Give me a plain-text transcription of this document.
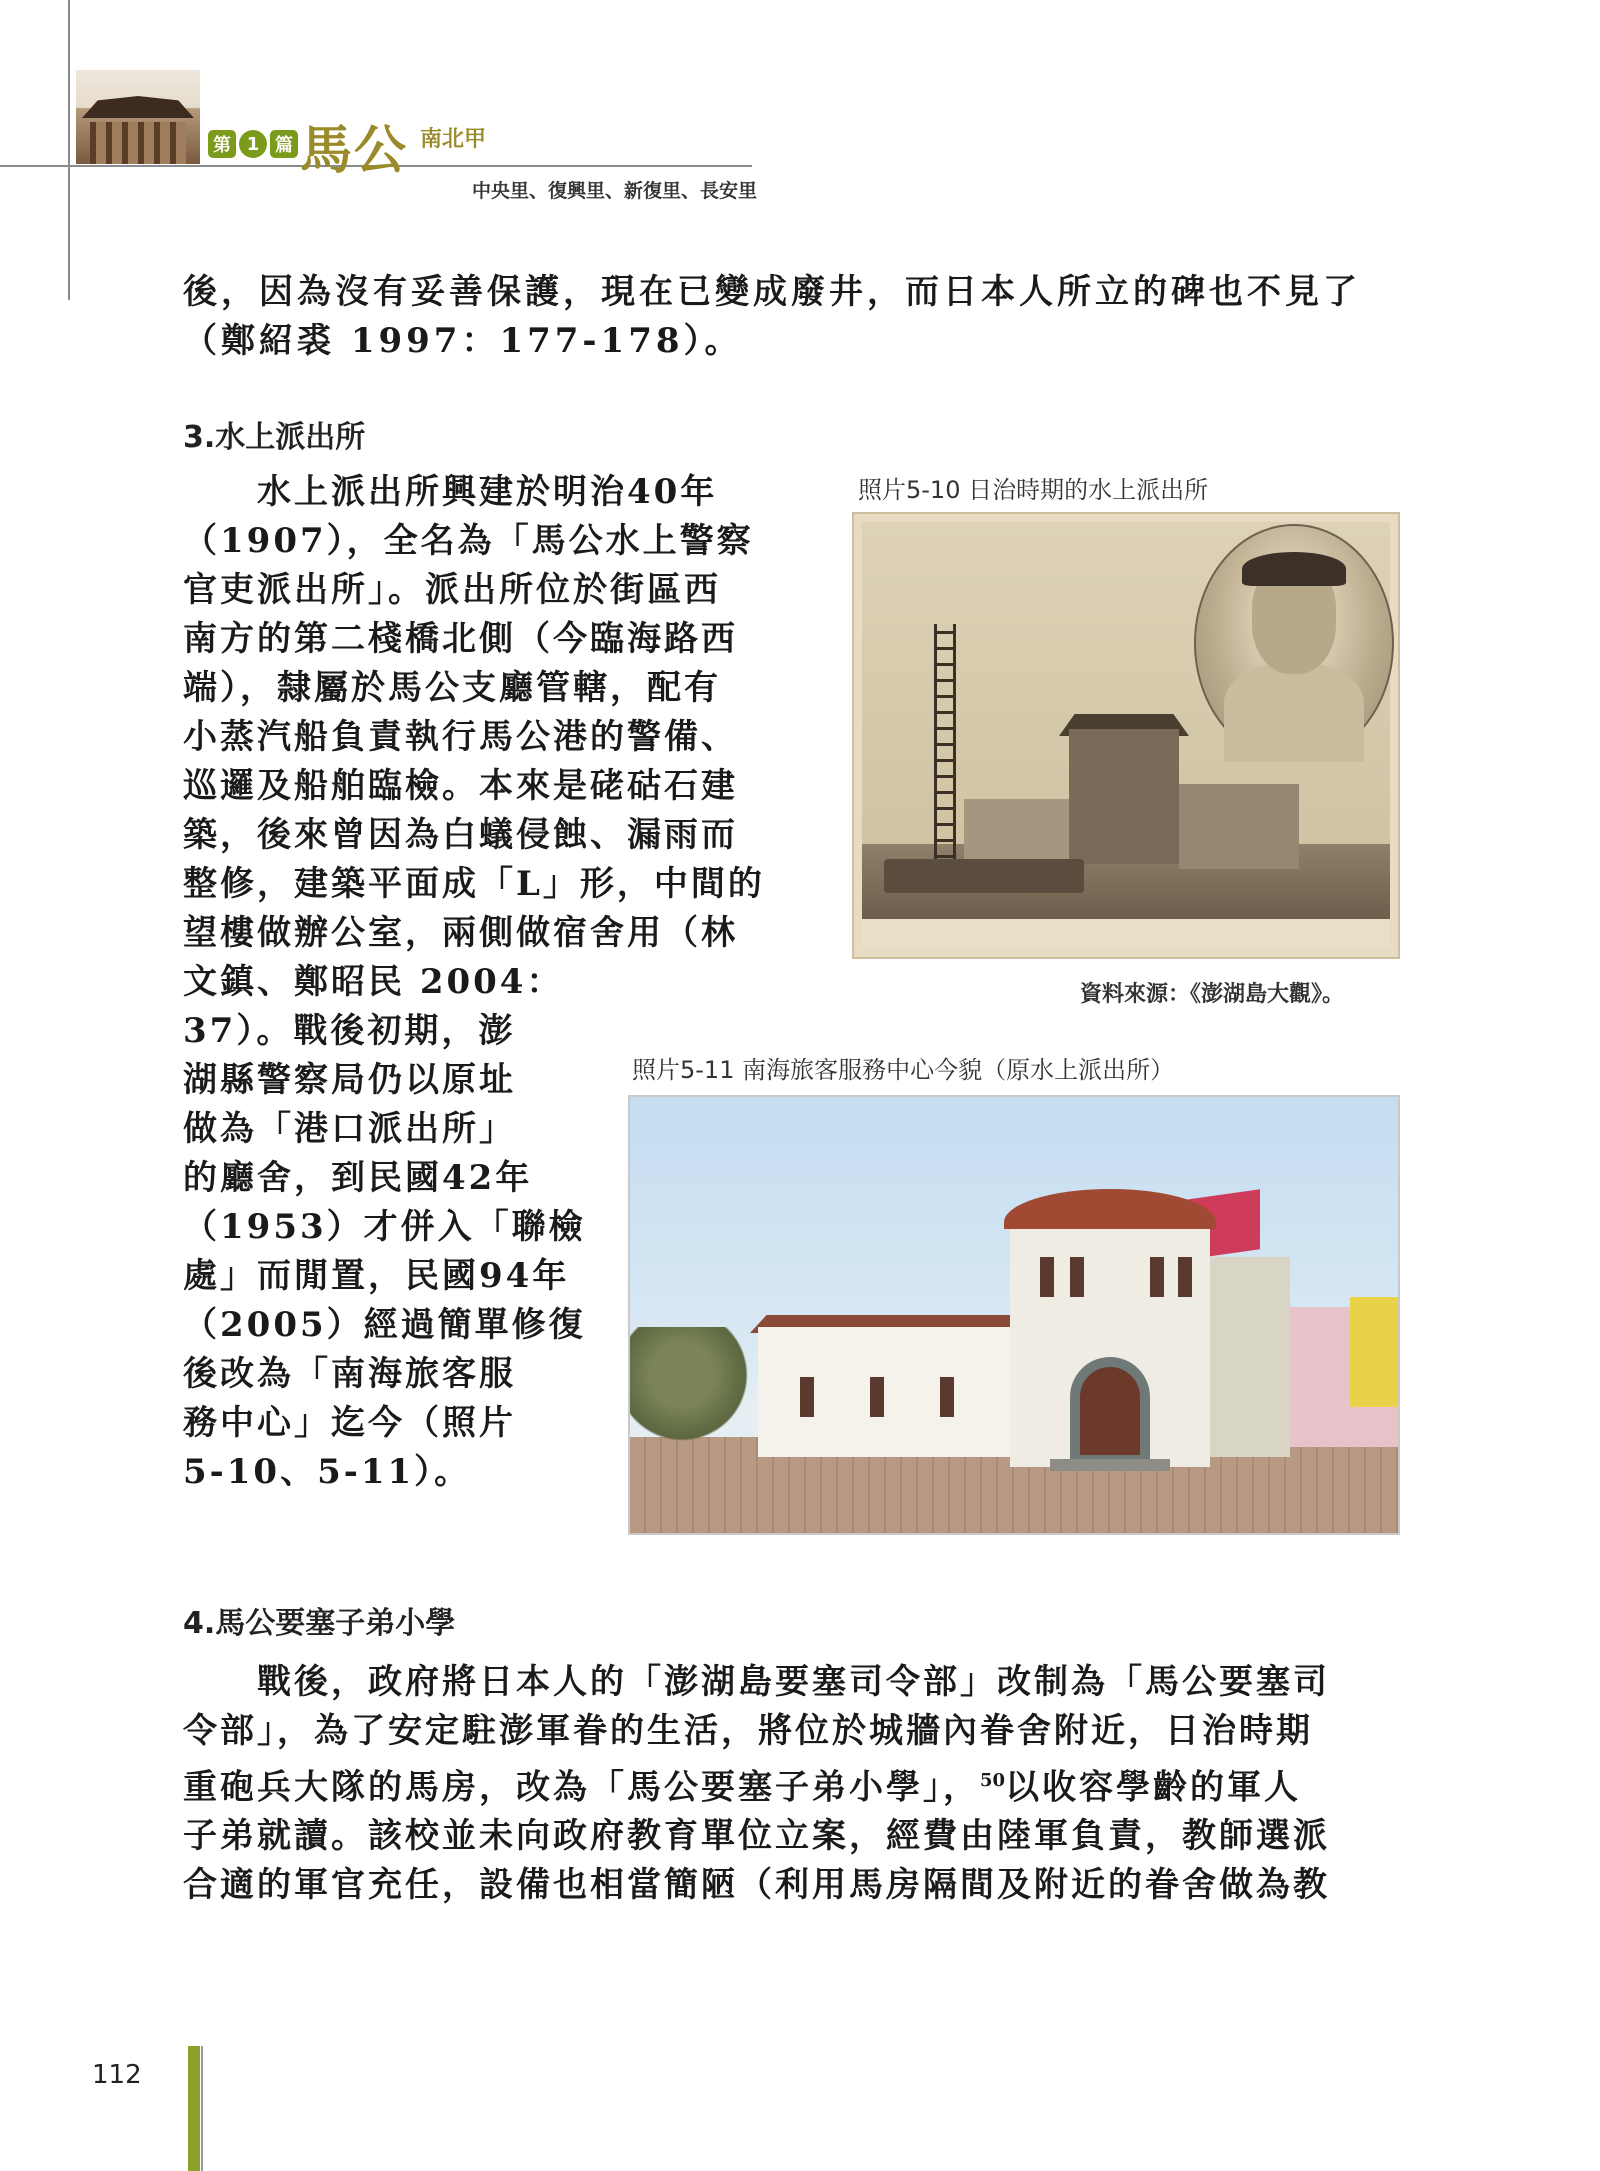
第 1 篇 馬公 南北甲
中央里、復興里、新復里、長安里
後，因為沒有妥善保護，現在已變成廢井，而日本人所立的碑也不見了
（鄭紹裘 1997：177-178）。
3.水上派出所
　　水上派出所興建於明治40年
（1907），全名為「馬公水上警察
官吏派出所」。派出所位於街區西
南方的第二棧橋北側（今臨海路西
端），隸屬於馬公支廳管轄，配有
小蒸汽船負責執行馬公港的警備、
巡邏及船舶臨檢。本來是硓𥑮石建
築，後來曾因為白蟻侵蝕、漏雨而
整修，建築平面成「L」形，中間的
望樓做辦公室，兩側做宿舍用（林
文鎮、鄭昭民 2004：
37）。戰後初期，澎
湖縣警察局仍以原址
做為「港口派出所」
的廳舍，到民國42年
（1953）才併入「聯檢
處」而閒置，民國94年
（2005）經過簡單修復
後改為「南海旅客服
務中心」迄今（照片
5-10、5-11）。
照片5-10 日治時期的水上派出所
資料來源：《澎湖島大觀》。
照片5-11 南海旅客服務中心今貌（原水上派出所）
4.馬公要塞子弟小學
　　戰後，政府將日本人的「澎湖島要塞司令部」改制為「馬公要塞司
令部」，為了安定駐澎軍眷的生活，將位於城牆內眷舍附近，日治時期
重砲兵大隊的馬房，改為「馬公要塞子弟小學」，$^{50}$以收容學齡的軍人
子弟就讀。該校並未向政府教育單位立案，經費由陸軍負責，教師選派
合適的軍官充任，設備也相當簡陋（利用馬房隔間及附近的眷舍做為教
112
